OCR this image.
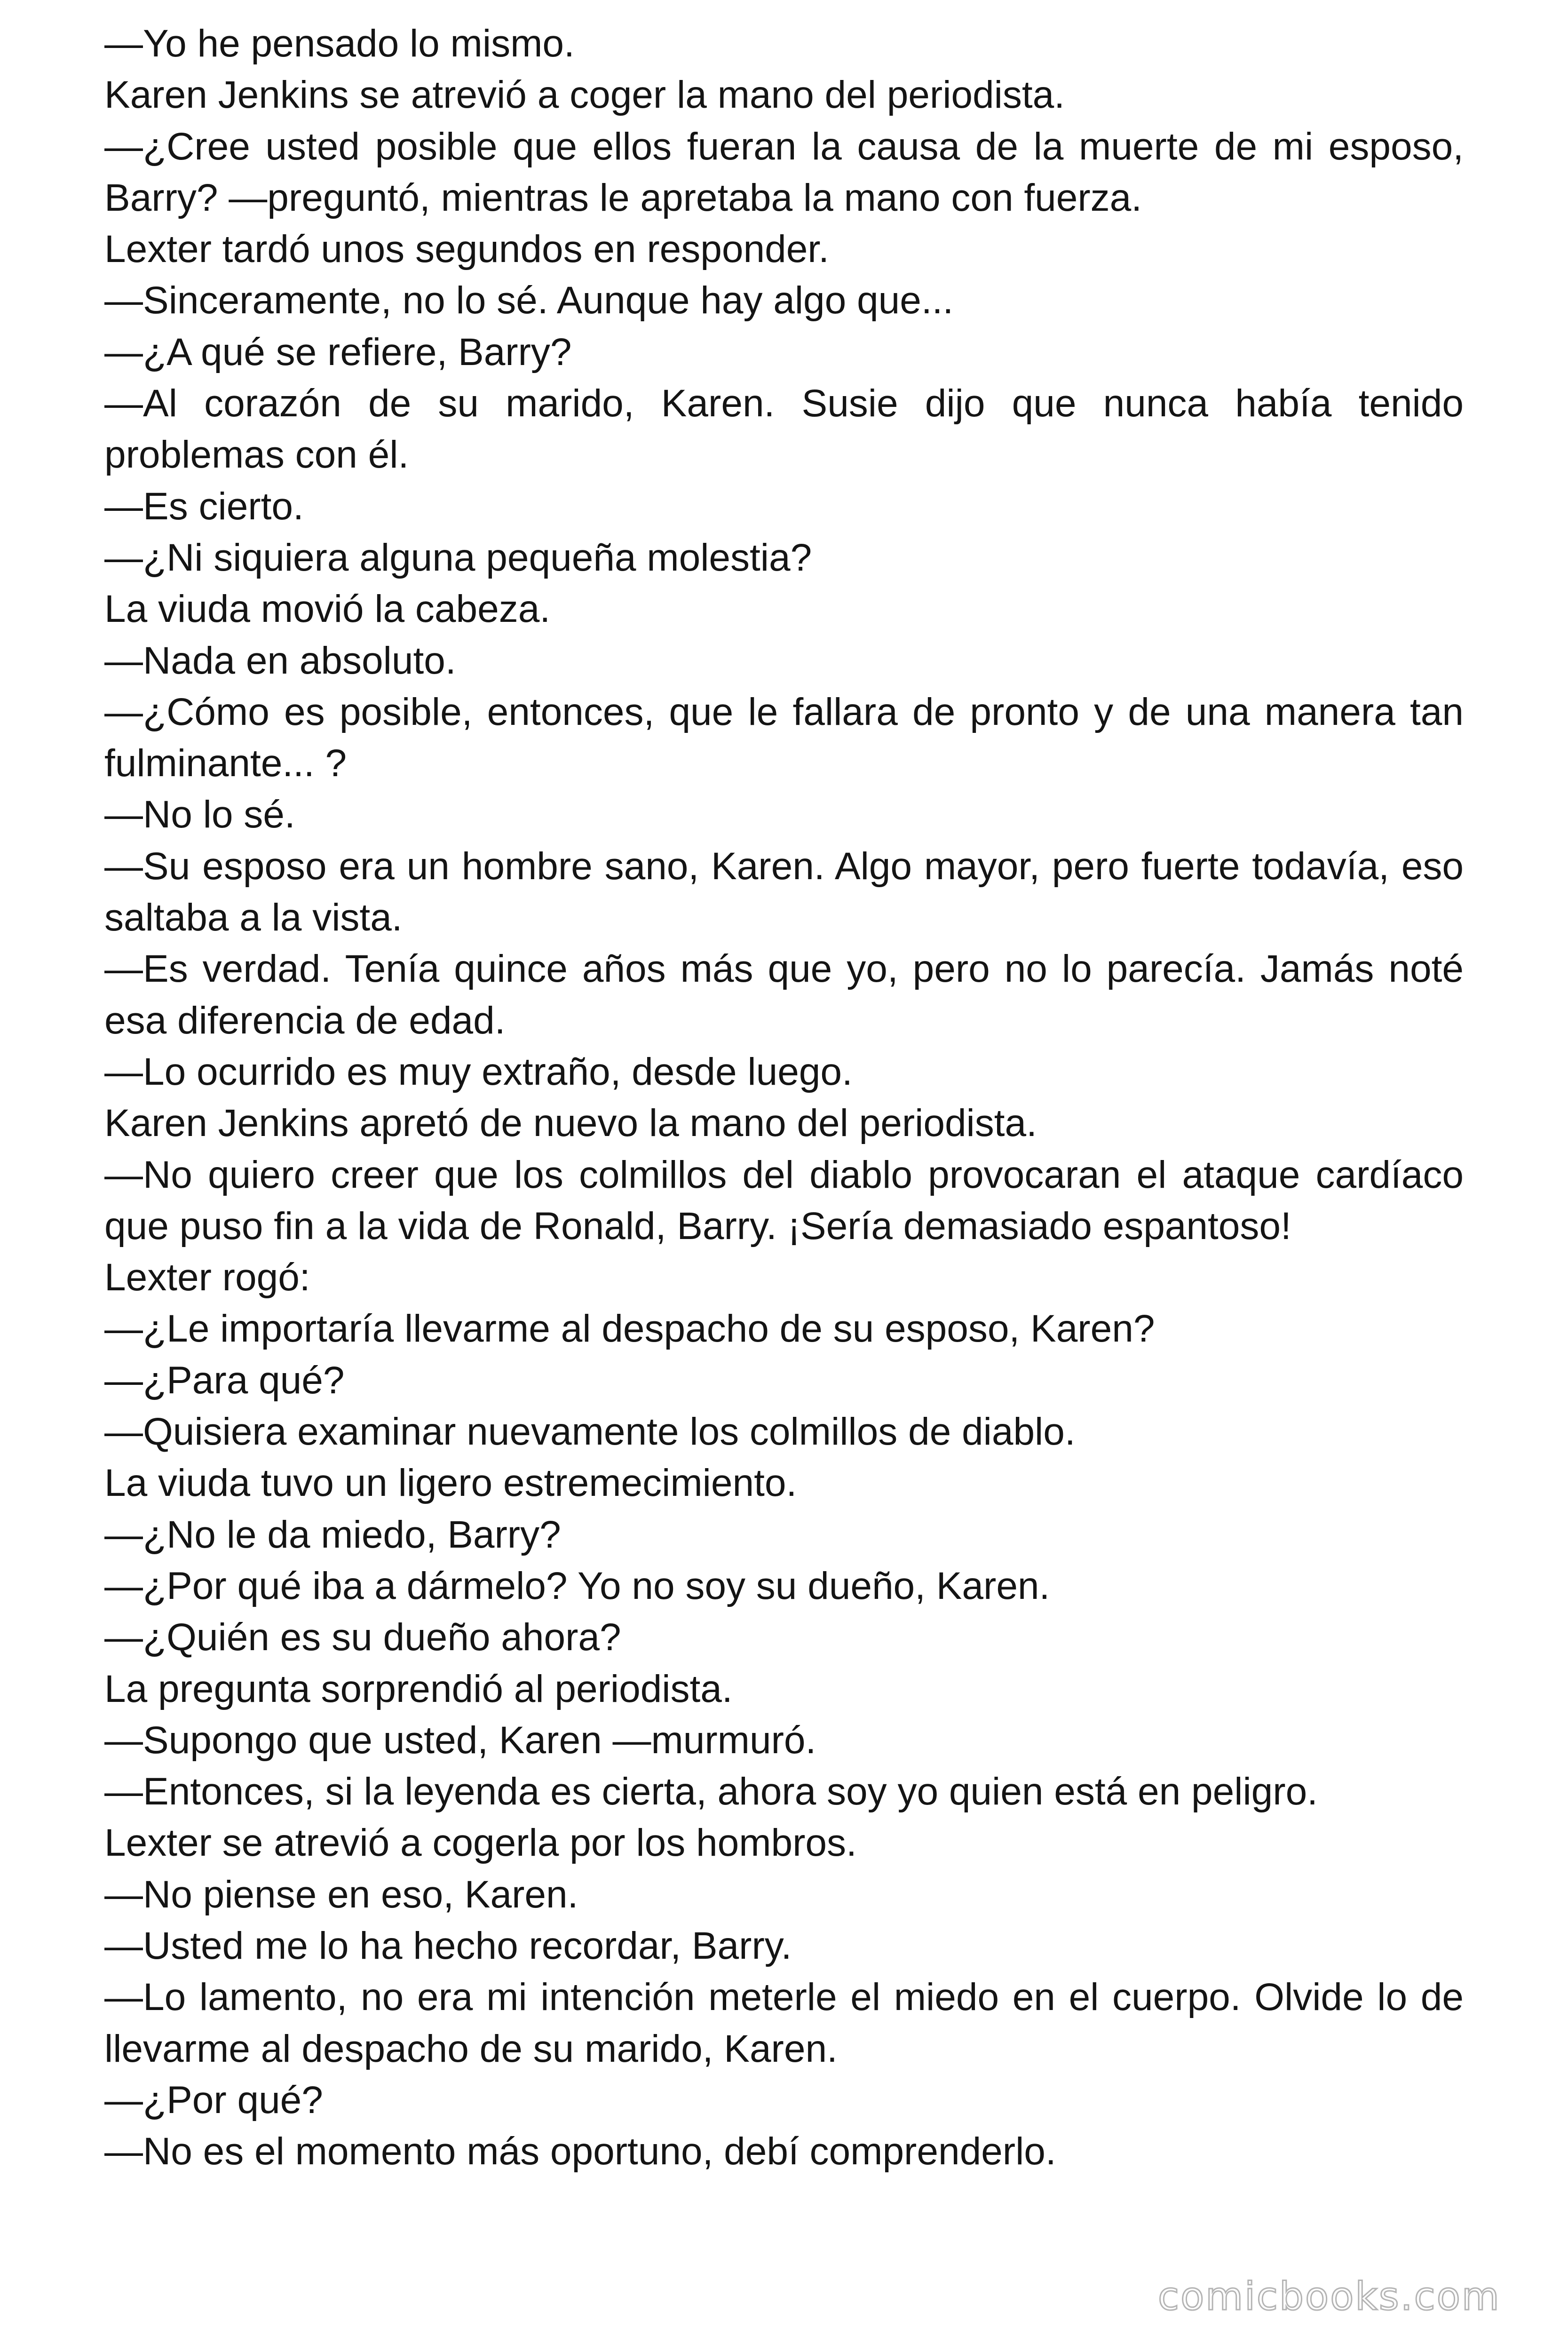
—Yo he pensado lo mismo.

Karen Jenkins se atrevió a coger la mano del periodista.

—¿Cree usted posible que ellos fueran la causa de la muerte de mi esposo, Barry? —preguntó, mientras le apretaba la mano con fuerza.

Lexter tardó unos segundos en responder.

—Sinceramente, no lo sé. Aunque hay algo que...

—¿A qué se refiere, Barry?

—Al corazón de su marido, Karen. Susie dijo que nunca había tenido problemas con él.

—Es cierto.

—¿Ni siquiera alguna pequeña molestia?

La viuda movió la cabeza.

—Nada en absoluto.

—¿Cómo es posible, entonces, que le fallara de pronto y de una manera tan fulminante... ?

—No lo sé.

—Su esposo era un hombre sano, Karen. Algo mayor, pero fuerte todavía, eso saltaba a la vista.

—Es verdad. Tenía quince años más que yo, pero no lo parecía. Jamás noté esa diferencia de edad.

—Lo ocurrido es muy extraño, desde luego.

Karen Jenkins apretó de nuevo la mano del periodista.

—No quiero creer que los colmillos del diablo provocaran el ataque cardíaco que puso fin a la vida de Ronald, Barry. ¡Sería demasiado espantoso!

Lexter rogó:

—¿Le importaría llevarme al despacho de su esposo, Karen?

—¿Para qué?

—Quisiera examinar nuevamente los colmillos de diablo.

La viuda tuvo un ligero estremecimiento.

—¿No le da miedo, Barry?

—¿Por qué iba a dármelo? Yo no soy su dueño, Karen.

—¿Quién es su dueño ahora?

La pregunta sorprendió al periodista.

—Supongo que usted, Karen —murmuró.

—Entonces, si la leyenda es cierta, ahora soy yo quien está en peligro.

Lexter se atrevió a cogerla por los hombros.

—No piense en eso, Karen.

—Usted me lo ha hecho recordar, Barry.

—Lo lamento, no era mi intención meterle el miedo en el cuerpo. Olvide lo de llevarme al despacho de su marido, Karen.

—¿Por qué?

—No es el momento más oportuno, debí comprenderlo.

comicbooks.com
